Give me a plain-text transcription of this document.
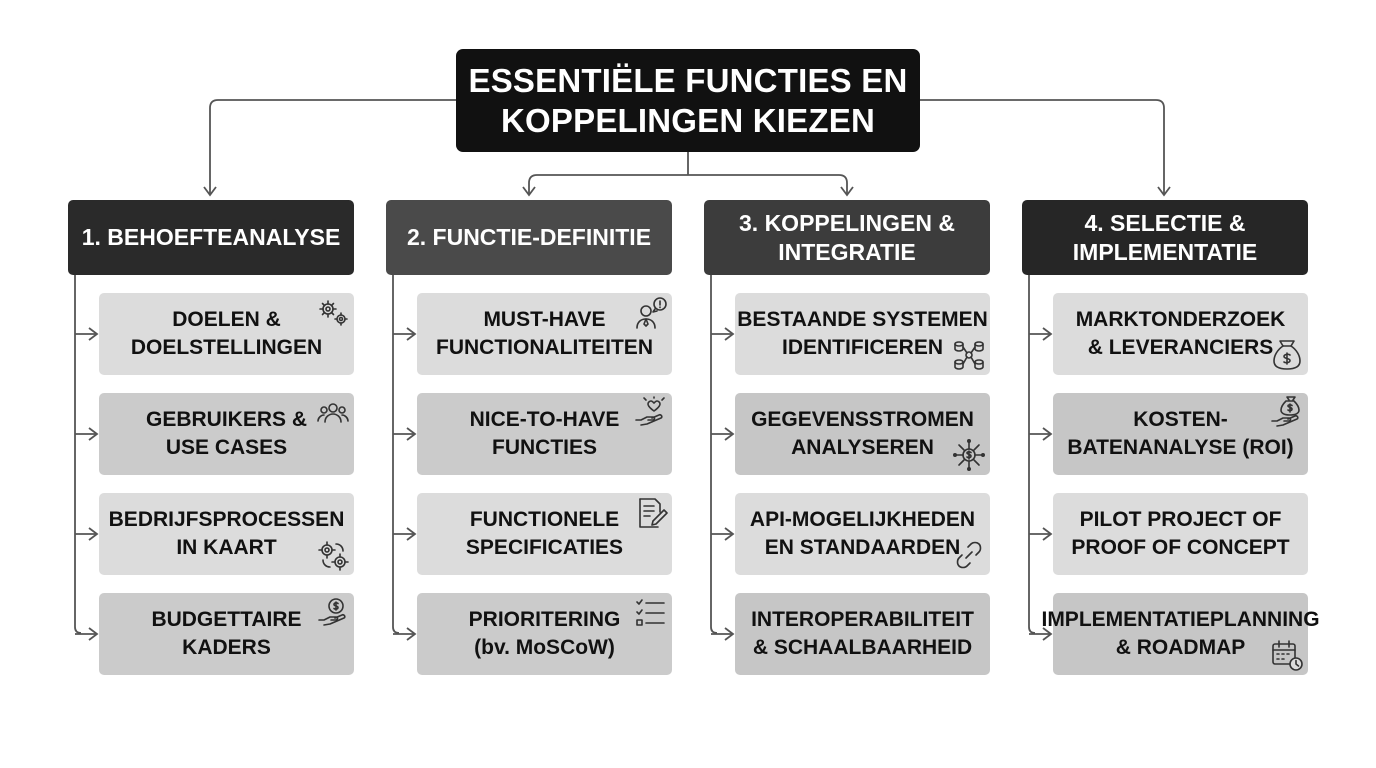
ESSENTIËLE FUNCTIES EN
KOPPELINGEN KIEZEN
1. BEHOEFTEANALYSE
DOELEN &
DOELSTELLINGEN
GEBRUIKERS &
USE CASES
BEDRIJFSPROCESSEN
IN KAART
BUDGETTAIRE
KADERS
2. FUNCTIE-DEFINITIE
MUST-HAVE
FUNCTIONALITEITEN
NICE-TO-HAVE
FUNCTIES
FUNCTIONELE
SPECIFICATIES
PRIORITERING
(bv. MoSCoW)
3. KOPPELINGEN &
INTEGRATIE
BESTAANDE SYSTEMEN
IDENTIFICEREN
GEGEVENSSTROMEN
ANALYSEREN
API-MOGELIJKHEDEN
EN STANDAARDEN
INTEROPERABILITEIT
& SCHAALBAARHEID
4. SELECTIE &
IMPLEMENTATIE
MARKTONDERZOEK
& LEVERANCIERS
KOSTEN-
BATENANALYSE (ROI)
PILOT PROJECT OF
PROOF OF CONCEPT
IMPLEMENTATIEPLANNING
& ROADMAP
